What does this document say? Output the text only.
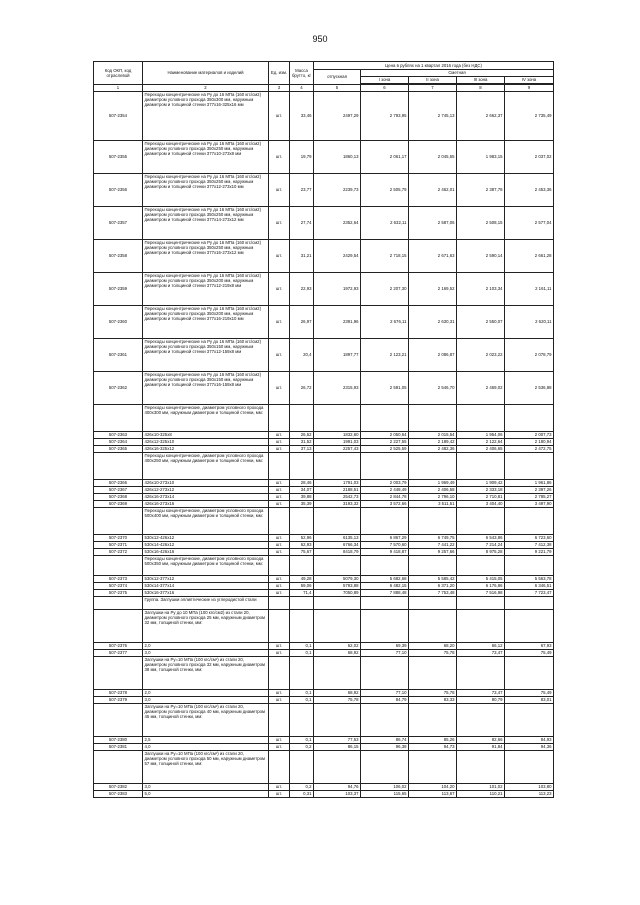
950
Код ОКП, код отраслевой	Наименование материалов и изделий	Ед. изм.	Масса брутто, кг	Цена в рублях на 1 квартал 2016 года (без НДС)				
				отпускная	Сметная			
					I зона	II зона	III зона	IV зона

1	2	3	4	5	6	7	8	9
507-2354	Переходы концентрические на Ру до 16 МПа (160 кгс/см2) диаметром условного прохода 350х300 мм, наружным диаметром и толщиной стенки 377х16-325х16 мм	шт.	33,46	2497,29	2 793,95	2 745,13	2 662,37	2 735,49
507-2355	Переходы концентрические на Ру до 16 МПа (160 кгс/см2) диаметром условного прохода 350х250 мм, наружным диаметром и толщиной стенки 377х10-273х8 мм	шт.	19,79	1860,13	2 061,17	2 045,55	1 983,15	2 037,02
507-2356	Переходы концентрические на Ру до 16 МПа (160 кгс/см2) диаметром условного прохода 350х250 мм, наружным диаметром и толщиной стенки 377х12-273х10 мм	шт.	23,77	2239,73	2 505,79	2 462,01	2 387,78	2 453,36
507-2357	Переходы концентрические на Ру до 16 МПа (160 кгс/см2) диаметром условного прохода 350х250 мм, наружным диаметром и толщиной стенки 377х14-273х12 мм	шт.	27,74	2352,64	2 632,11	2 587,06	2 508,15	2 577,04
507-2358	Переходы концентрические на Ру до 16 МПа (160 кгс/см2) диаметром условного прохода 350х250 мм, наружным диаметром и толщиной стенки 377х16-273х12 мм	шт.	31,21	2429,54	2 718,15	2 671,63	2 590,14	2 661,28
507-2359	Переходы концентрические на Ру до 16 МПа (160 кгс/см2) диаметром условного прохода 350х200 мм, наружным диаметром и толщиной стенки 377х12-219х8 мм	шт.	22,93	1972,93	2 207,30	2 169,52	2 103,34	2 161,11
507-2360	Переходы концентрические на Ру до 16 МПа (160 кгс/см2) диаметром условного прохода 350х200 мм, наружным диаметром и толщиной стенки 377х16-219х10 мм	шт.	26,97	2391,96	2 676,11	2 630,31	2 550,07	2 620,11
507-2361	Переходы концентрические на Ру до 16 МПа (160 кгс/см2) диаметром условного прохода 350х150 мм, наружным диаметром и толщиной стенки 377х12-159х8 мм	шт.	20,4	1897,77	2 123,21	2 086,87	2 023,22	2 078,79
507-2362	Переходы концентрические на Ру до 16 МПа (160 кгс/см2) диаметром условного прохода 350х150 мм, наружным диаметром и толщиной стенки 377х16-159х8 мм	шт.	26,72	2315,93	2 591,05	2 546,70	2 469,02	2 536,88
	Переходы концентрические, диаметром условного прохода 400х300 мм, наружным диаметром и толщиной стенки, мм:							
507-2363	426х10-325х8	шт.	26,52	1832,60	2 050,64	2 015,54	1 954,06	2 007,73
507-2364	426х12-325х10	шт.	31,52	1991,03	2 227,55	2 189,42	2 122,64	2 180,94
507-2365	426х16-325х12	шт.	37,13	2257,43	2 525,59	2 482,36	2 406,65	2 472,75
	Переходы концентрические, диаметром условного прохода 400х250 мм, наружным диаметром и толщиной стенки, мм:							
507-2366	426х10-273х10	шт.	28,46	1791,03	2 003,79	1 969,49	1 909,42	1 961,86
507-2367	426х12-273х12	шт.	34,07	2188,51	2 448,49	2 406,58	2 333,18	2 397,26
507-2368	426х16-273х14	шт.	39,88	2542,73	2 844,78	2 796,10	2 710,81	2 785,27
507-2369	426х16-273х16	шт.	35,39	3193,32	3 572,66	3 511,51	3 404,40	3 497,90
	Переходы концентрические, диаметром условного прохода 500х400 мм, наружным диаметром и толщиной стенки, мм:							
507-2370	530х12-426х12	шт.	52,96	6135,13	6 867,29	6 749,75	6 543,86	6 723,60
507-2371	530х14-426х12	шт.	62,93	6766,34	7 570,60	7 441,22	7 214,24	7 412,38
507-2372	530х16-426х16	шт.	75,67	8418,79	9 418,87	9 257,66	8 975,28	9 221,79
	Переходы концентрические, диаметром условного прохода 500х350 мм, наружным диаметром и толщиной стенки, мм:							
507-2373	530х12-377х12	шт.	49,28	5079,30	5 682,68	5 585,42	5 415,05	5 563,78
507-2374	530х14-377х14	шт.	59,06	5793,88	6 482,15	6 371,20	6 176,86	6 346,51
507-2375	530х16-377х16	шт.	71,4	7050,89	7 888,48	7 753,48	7 516,98	7 723,47
	Группа. Заглушки эллиптические из углеродистой стали							
	Заглушки на Ру до 10 МПа (100 кгс/см2) из стали 20, диаметром условного прохода 25 мм, наружным диаметром 32 мм, толщиной стенки, мм:							
507-2376	2,0	шт.	0,1	62,02	69,39	68,20	66,12	67,93
507-2377	3,0	шт.	0,1	68,92	77,10	75,78	73,47	75,49
	Заглушки на Ру=10 МПа (100 кгс/см²) из стали 20, диаметром условного прохода 32 мм, наружным диаметром 38 мм, толщиной стенки, мм:							
507-2378	2,0	шт.	0,1	68,92	77,10	75,78	73,47	75,49
507-2379	3,0	шт.	0,1	75,78	84,79	83,33	80,79	83,01
	Заглушки на Ру=10 МПа (100 кгс/см²) из стали 20, диаметром условного прохода 40 мм, наружным диаметром 45 мм, толщиной стенки, мм:							
507-2380	2,5	шт.	0,1	77,53	86,74	85,26	82,66	84,93
507-2381	4,0	шт.	0,2	86,15	96,38	94,73	91,84	94,36
	Заглушки на Ру=10 МПа (100 кгс/см²) из стали 20, диаметром условного прохода 50 мм, наружным диаметром 57 мм, толщиной стенки, мм:							
507-2382	3,0	шт.	0,2	94,76	106,02	104,20	101,02	103,80
507-2383	5,0	шт.	0,31	103,37	115,65	113,67	110,21	113,23
